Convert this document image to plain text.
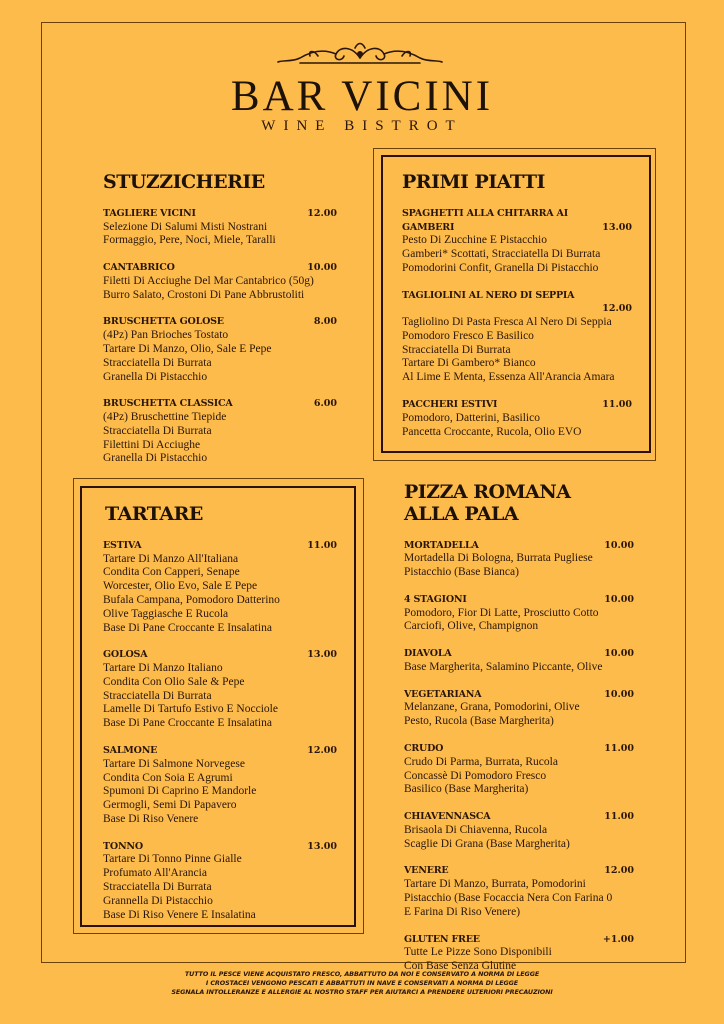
BAR VICINI
WINE BISTROT
STUZZICHERIE
TAGLIERE VICINI	12.00
Selezione Di Salumi Misti Nostrani
Formaggio, Pere, Noci, Miele, Taralli
CANTABRICO	10.00
Filetti Di Acciughe Del Mar Cantabrico (50g)
Burro Salato, Crostoni Di Pane Abbrustoliti
BRUSCHETTA GOLOSE	8.00
(4Pz) Pan Brioches Tostato
Tartare Di Manzo, Olio, Sale E Pepe
Stracciatella Di Burrata
Granella Di Pistacchio
BRUSCHETTA CLASSICA	6.00
(4Pz) Bruschettine Tiepide
Stracciatella Di Burrata
Filettini Di Acciughe
Granella Di Pistacchio
PRIMI PIATTI
SPAGHETTI ALLA CHITARRA AI
GAMBERI	13.00
Pesto Di Zucchine E Pistacchio
Gamberi* Scottati, Stracciatella Di Burrata
Pomodorini Confit, Granella Di Pistacchio
TAGLIOLINI AL NERO DI SEPPIA
12.00
Tagliolino Di Pasta Fresca Al Nero Di Seppia
Pomodoro Fresco E Basilico
Stracciatella Di Burrata
Tartare Di Gambero* Bianco
Al Lime E Menta, Essenza All'Arancia Amara
PACCHERI ESTIVI	11.00
Pomodoro, Datterini, Basilico
Pancetta Croccante, Rucola, Olio EVO
TARTARE
ESTIVA	11.00
Tartare Di Manzo All'Italiana
Condita Con Capperi, Senape
Worcester, Olio Evo, Sale E Pepe
Bufala Campana, Pomodoro Datterino
Olive Taggiasche E Rucola
Base Di Pane Croccante E Insalatina
GOLOSA	13.00
Tartare Di Manzo Italiano
Condita Con Olio Sale & Pepe
Stracciatella Di Burrata
Lamelle Di Tartufo Estivo E Nocciole
Base Di Pane Croccante E Insalatina
SALMONE	12.00
Tartare Di Salmone Norvegese
Condita Con Soia E Agrumi
Spumoni Di Caprino E Mandorle
Germogli, Semi Di Papavero
Base Di Riso Venere
TONNO	13.00
Tartare Di Tonno Pinne Gialle
Profumato All'Arancia
Stracciatella Di Burrata
Grannella Di Pistacchio
Base Di Riso Venere E Insalatina
PIZZA ROMANA
ALLA PALA
MORTADELLA	10.00
Mortadella Di Bologna, Burrata Pugliese
Pistacchio (Base Bianca)
4 STAGIONI	10.00
Pomodoro, Fior Di Latte, Prosciutto Cotto
Carciofi, Olive, Champignon
DIAVOLA	10.00
Base Margherita, Salamino Piccante, Olive
VEGETARIANA	10.00
Melanzane, Grana, Pomodorini, Olive
Pesto, Rucola (Base Margherita)
CRUDO	11.00
Crudo Di Parma, Burrata, Rucola
Concassè Di Pomodoro Fresco
Basilico (Base Margherita)
CHIAVENNASCA	11.00
Brisaola Di Chiavenna, Rucola
Scaglie Di Grana (Base Margherita)
VENERE	12.00
Tartare Di Manzo, Burrata, Pomodorini
Pistacchio (Base Focaccia Nera Con Farina 0
E Farina Di Riso Venere)
GLUTEN FREE	+1.00
Tutte Le Pizze Sono Disponibili
Con Base Senza Glutine
TUTTO IL PESCE VIENE ACQUISTATO FRESCO, ABBATTUTO DA NOI E CONSERVATO A NORMA DI LEGGE
I CROSTACEI VENGONO PESCATI E ABBATTUTI IN NAVE E CONSERVATI A NORMA DI LEGGE
SEGNALA INTOLLERANZE E ALLERGIE AL NOSTRO STAFF PER AIUTARCI A PRENDERE ULTERIORI PRECAUZIONI
